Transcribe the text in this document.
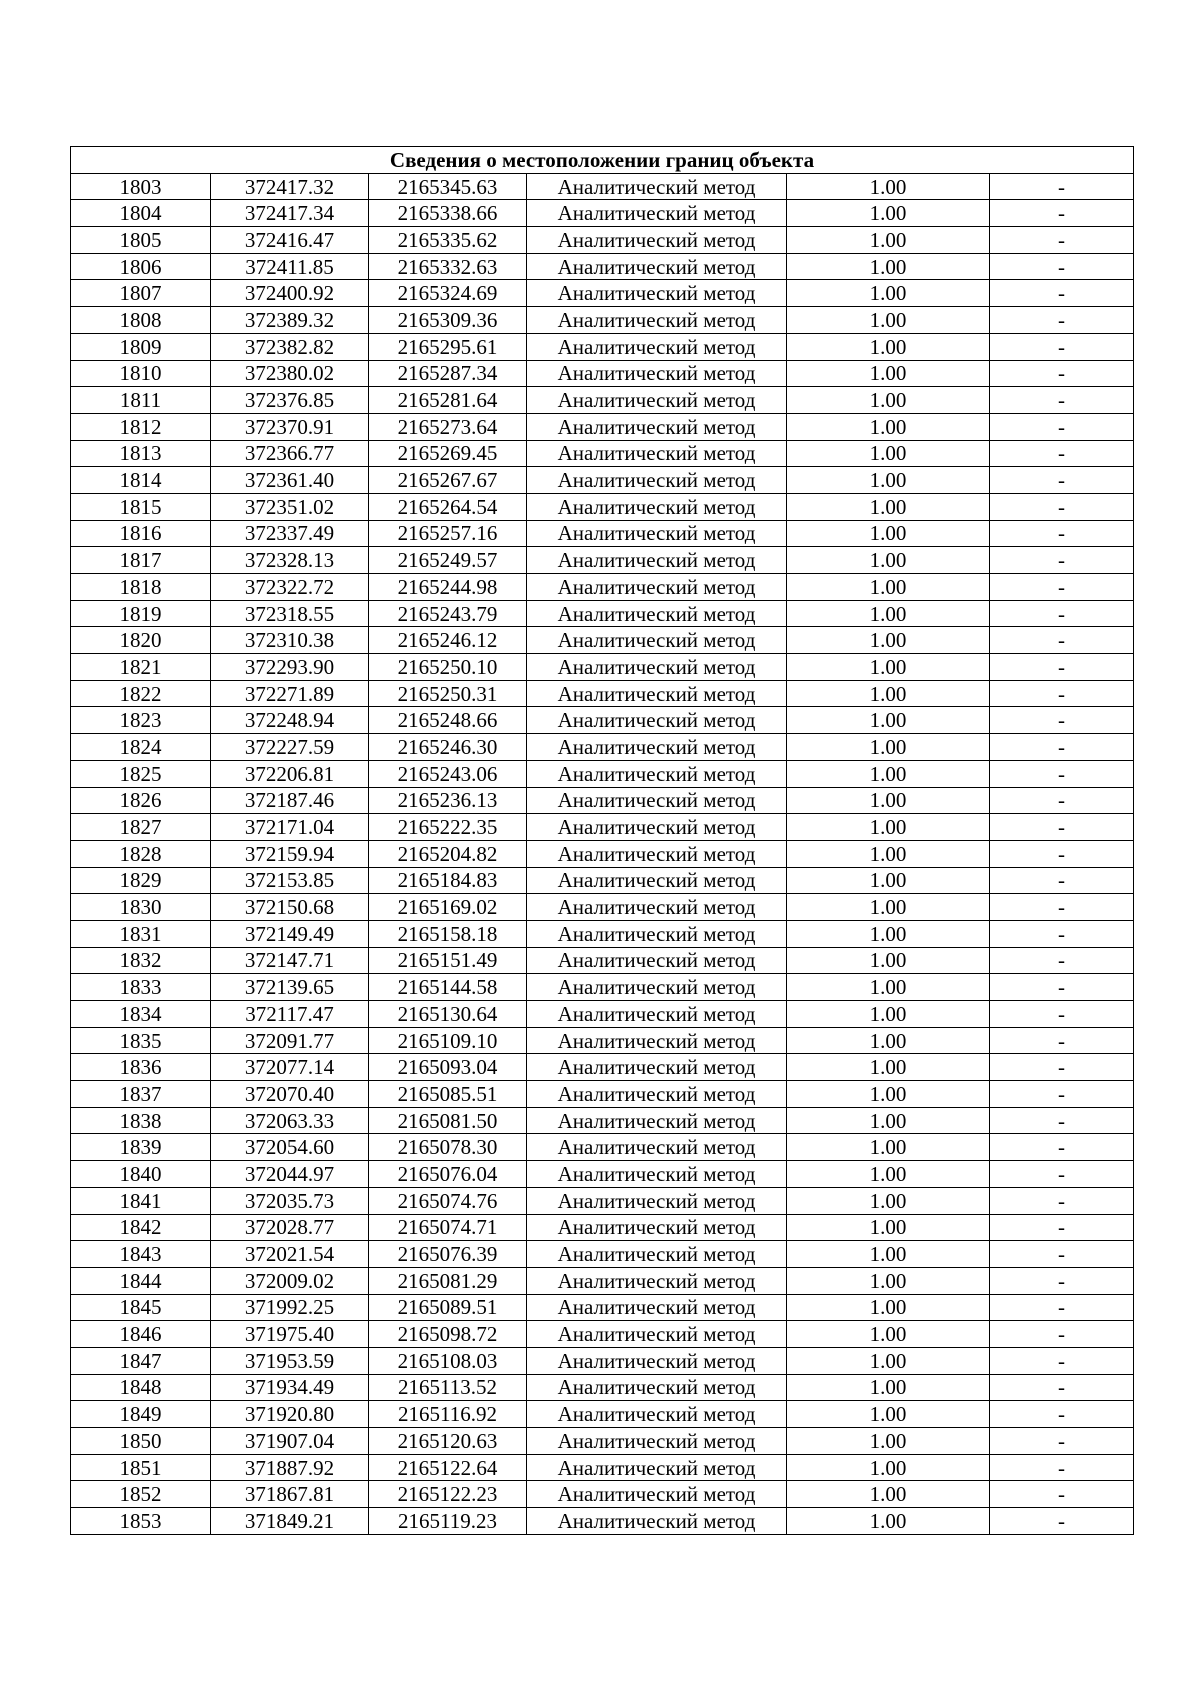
Сведения о местоположении границ объекта					
1803	372417.32	2165345.63	Аналитический метод	1.00	-
1804	372417.34	2165338.66	Аналитический метод	1.00	-
1805	372416.47	2165335.62	Аналитический метод	1.00	-
1806	372411.85	2165332.63	Аналитический метод	1.00	-
1807	372400.92	2165324.69	Аналитический метод	1.00	-
1808	372389.32	2165309.36	Аналитический метод	1.00	-
1809	372382.82	2165295.61	Аналитический метод	1.00	-
1810	372380.02	2165287.34	Аналитический метод	1.00	-
1811	372376.85	2165281.64	Аналитический метод	1.00	-
1812	372370.91	2165273.64	Аналитический метод	1.00	-
1813	372366.77	2165269.45	Аналитический метод	1.00	-
1814	372361.40	2165267.67	Аналитический метод	1.00	-
1815	372351.02	2165264.54	Аналитический метод	1.00	-
1816	372337.49	2165257.16	Аналитический метод	1.00	-
1817	372328.13	2165249.57	Аналитический метод	1.00	-
1818	372322.72	2165244.98	Аналитический метод	1.00	-
1819	372318.55	2165243.79	Аналитический метод	1.00	-
1820	372310.38	2165246.12	Аналитический метод	1.00	-
1821	372293.90	2165250.10	Аналитический метод	1.00	-
1822	372271.89	2165250.31	Аналитический метод	1.00	-
1823	372248.94	2165248.66	Аналитический метод	1.00	-
1824	372227.59	2165246.30	Аналитический метод	1.00	-
1825	372206.81	2165243.06	Аналитический метод	1.00	-
1826	372187.46	2165236.13	Аналитический метод	1.00	-
1827	372171.04	2165222.35	Аналитический метод	1.00	-
1828	372159.94	2165204.82	Аналитический метод	1.00	-
1829	372153.85	2165184.83	Аналитический метод	1.00	-
1830	372150.68	2165169.02	Аналитический метод	1.00	-
1831	372149.49	2165158.18	Аналитический метод	1.00	-
1832	372147.71	2165151.49	Аналитический метод	1.00	-
1833	372139.65	2165144.58	Аналитический метод	1.00	-
1834	372117.47	2165130.64	Аналитический метод	1.00	-
1835	372091.77	2165109.10	Аналитический метод	1.00	-
1836	372077.14	2165093.04	Аналитический метод	1.00	-
1837	372070.40	2165085.51	Аналитический метод	1.00	-
1838	372063.33	2165081.50	Аналитический метод	1.00	-
1839	372054.60	2165078.30	Аналитический метод	1.00	-
1840	372044.97	2165076.04	Аналитический метод	1.00	-
1841	372035.73	2165074.76	Аналитический метод	1.00	-
1842	372028.77	2165074.71	Аналитический метод	1.00	-
1843	372021.54	2165076.39	Аналитический метод	1.00	-
1844	372009.02	2165081.29	Аналитический метод	1.00	-
1845	371992.25	2165089.51	Аналитический метод	1.00	-
1846	371975.40	2165098.72	Аналитический метод	1.00	-
1847	371953.59	2165108.03	Аналитический метод	1.00	-
1848	371934.49	2165113.52	Аналитический метод	1.00	-
1849	371920.80	2165116.92	Аналитический метод	1.00	-
1850	371907.04	2165120.63	Аналитический метод	1.00	-
1851	371887.92	2165122.64	Аналитический метод	1.00	-
1852	371867.81	2165122.23	Аналитический метод	1.00	-
1853	371849.21	2165119.23	Аналитический метод	1.00	-
